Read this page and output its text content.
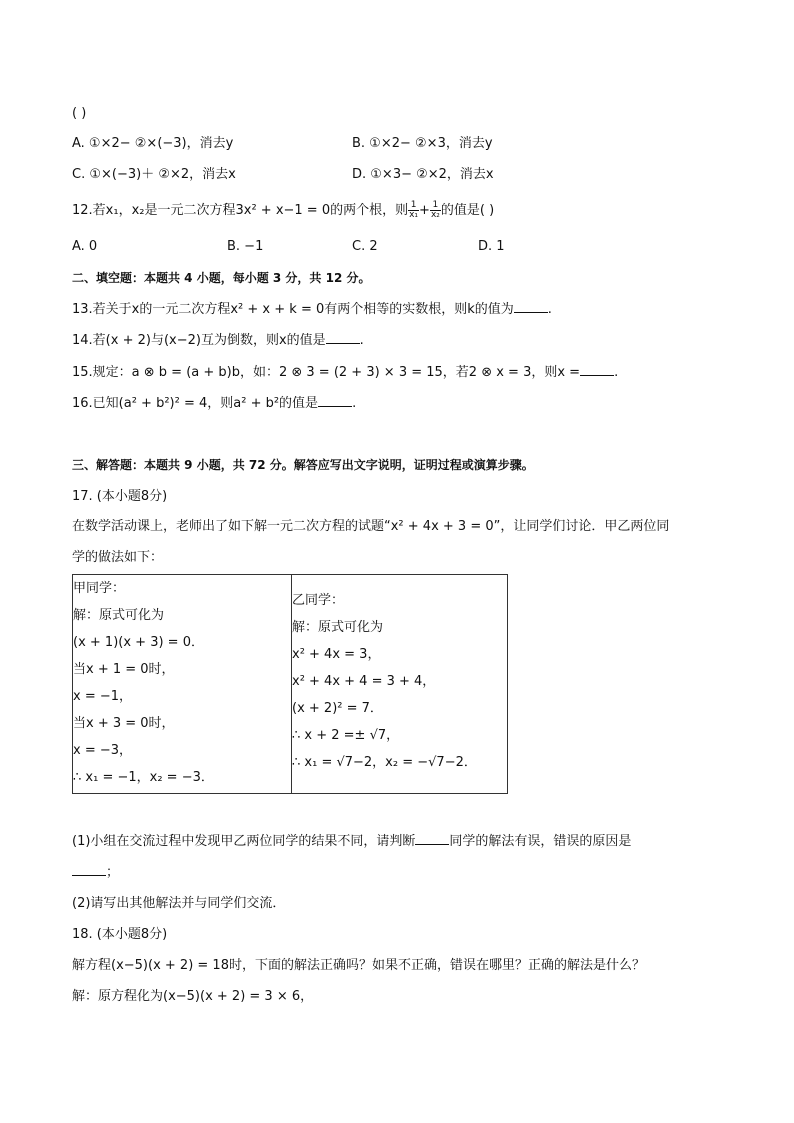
( )
A. ①×2− ②×(−3)，消去y	B. ①×2− ②×3，消去y
C. ①×(−3)＋ ②×2，消去x	D. ①×3− ②×2，消去x
12.若x₁，x₂是一元二次方程3x² + x−1 = 0的两个根，则 $\frac{1}{\text{x₁}} + \frac{1}{\text{x₂}}$ 的值是( )
A. 0	B. −1	C. 2	D. 1
二、填空题：本题共 4 小题，每小题 3 分，共 12 分。
13.若关于x的一元二次方程x² + x + k = 0有两个相等的实数根，则k的值为	.
14.若(x + 2)与(x−2)互为倒数，则x的值是	.
15.规定：a ⊗ b = (a + b)b，如：2 ⊗ 3 = (2 + 3) × 3 = 15，若2 ⊗ x = 3，则x =	.
16.已知(a² + b²)² = 4，则a² + b²的值是	.
三、解答题：本题共 9 小题，共 72 分。解答应写出文字说明，证明过程或演算步骤。
17. (本小题8分)
在数学活动课上，老师出了如下解一元二次方程的试题“x² + 4x + 3 = 0”，让同学们讨论．甲乙两位同
学的做法如下：
甲同学：
解：原式可化为
(x + 1)(x + 3) = 0．
当x + 1 = 0时，
x = −1，
当x + 3 = 0时，
x = −3，
∴ x₁ = −1，x₂ = −3．

乙同学：
解：原式可化为
x² + 4x = 3，
x² + 4x + 4 = 3 + 4，
(x + 2)² = 7．
∴ x + 2 =± √7，
∴ x₁ = √7−2，x₂ = −√7−2．
(1)小组在交流过程中发现甲乙两位同学的结果不同，请判断	同学的解法有误，错误的原因是
；
(2)请写出其他解法并与同学们交流．
18. (本小题8分)
解方程(x−5)(x + 2) = 18时，下面的解法正确吗？如果不正确，错误在哪里？正确的解法是什么？
解：原方程化为(x−5)(x + 2) = 3 × 6，
